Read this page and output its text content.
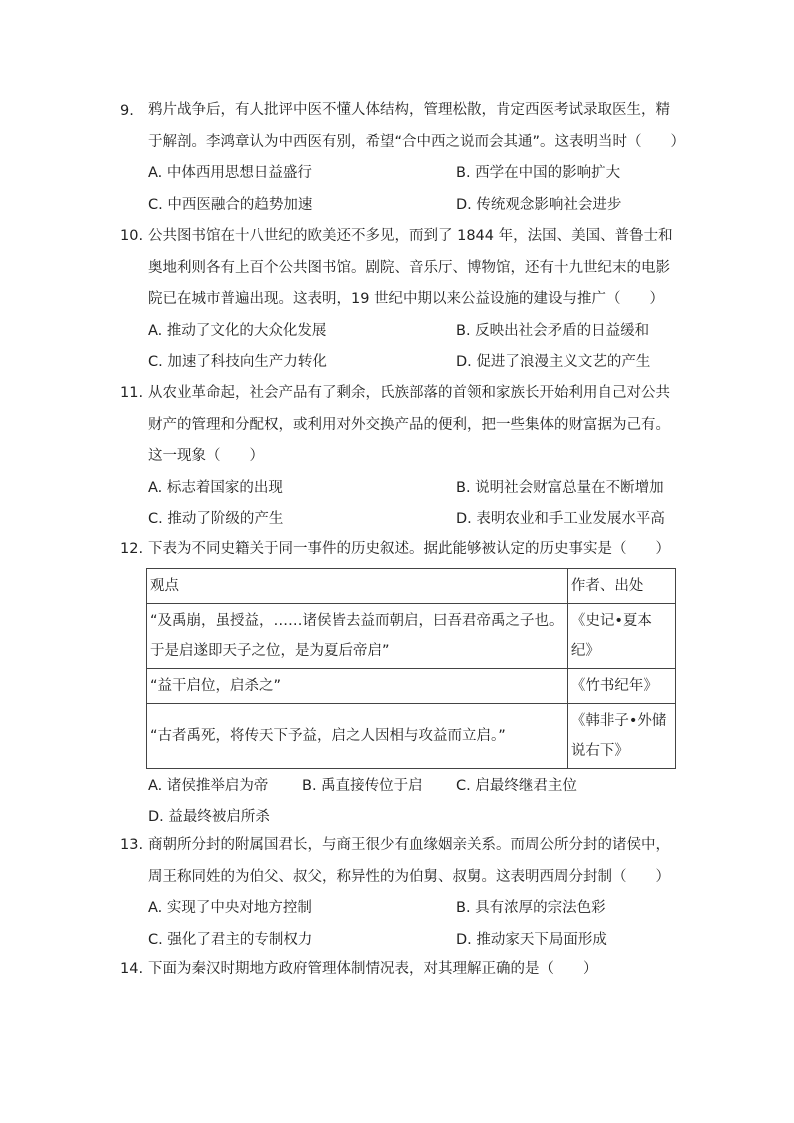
9. 鸦片战争后，有人批评中医不懂人体结构，管理松散，肯定西医考试录取医生，精于解剖。李鸿章认为中西医有别，希望“合中西之说而会其通”。这表明当时（　　）
A. 中体西用思想日益盛行	B. 西学在中国的影响扩大
C. 中西医融合的趋势加速	D. 传统观念影响社会进步
10. 公共图书馆在十八世纪的欧美还不多见，而到了 1844 年，法国、美国、普鲁士和奥地利则各有上百个公共图书馆。剧院、音乐厅、博物馆，还有十九世纪末的电影院已在城市普遍出现。这表明，19 世纪中期以来公益设施的建设与推广（　　）
A. 推动了文化的大众化发展	B. 反映出社会矛盾的日益缓和
C. 加速了科技向生产力转化	D. 促进了浪漫主义文艺的产生
11. 从农业革命起，社会产品有了剩余，氏族部落的首领和家族长开始利用自己对公共财产的管理和分配权，或利用对外交换产品的便利，把一些集体的财富据为己有。这一现象（　　）
A. 标志着国家的出现	B. 说明社会财富总量在不断增加
C. 推动了阶级的产生	D. 表明农业和手工业发展水平高
12. 下表为不同史籍关于同一事件的历史叙述。据此能够被认定的历史事实是（　　）
观点	作者、出处
“及禹崩，虽授益，……诸侯皆去益而朝启，曰吾君帝禹之子也。于是启遂即天子之位，是为夏后帝启”	《史记•夏本纪》
“益干启位，启杀之”	《竹书纪年》
“古者禹死，将传天下予益，启之人因相与攻益而立启。”	《韩非子•外储说右下》
A. 诸侯推举启为帝 B. 禹直接传位于启 C. 启最终继君主位D. 益最终被启所杀
13. 商朝所分封的附属国君长，与商王很少有血缘姻亲关系。而周公所分封的诸侯中，周王称同姓的为伯父、叔父，称异性的为伯舅、叔舅。这表明西周分封制（　　）
A. 实现了中央对地方控制	B. 具有浓厚的宗法色彩
C. 强化了君主的专制权力	D. 推动家天下局面形成
14. 下面为秦汉时期地方政府管理体制情况表，对其理解正确的是（　　）
